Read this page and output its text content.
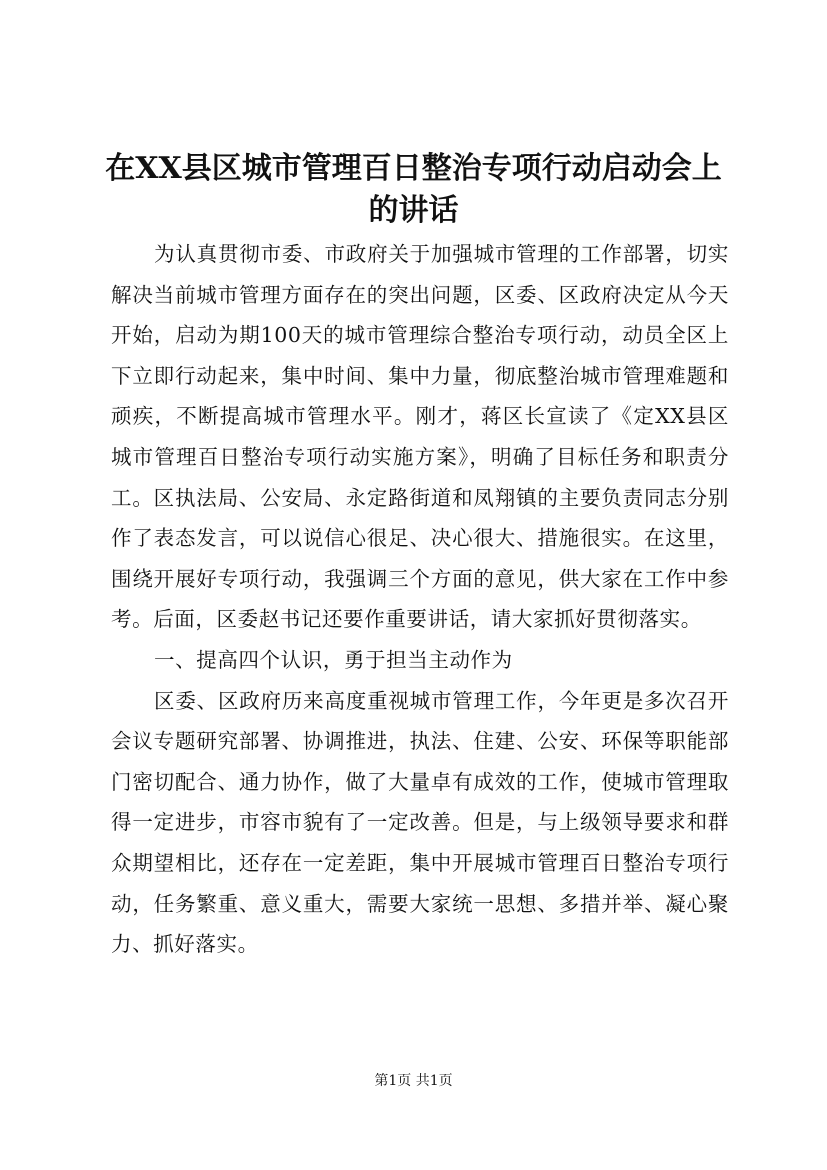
在XX县区城市管理百日整治专项行动启动会上的讲话

为认真贯彻市委、市政府关于加强城市管理的工作部署，切实解决当前城市管理方面存在的突出问题，区委、区政府决定从今天开始，启动为期100天的城市管理综合整治专项行动，动员全区上下立即行动起来，集中时间、集中力量，彻底整治城市管理难题和顽疾，不断提高城市管理水平。刚才，蒋区长宣读了《定XX县区城市管理百日整治专项行动实施方案》，明确了目标任务和职责分工。区执法局、公安局、永定路街道和凤翔镇的主要负责同志分别作了表态发言，可以说信心很足、决心很大、措施很实。在这里，围绕开展好专项行动，我强调三个方面的意见，供大家在工作中参考。后面，区委赵书记还要作重要讲话，请大家抓好贯彻落实。

一、提高四个认识，勇于担当主动作为

区委、区政府历来高度重视城市管理工作，今年更是多次召开会议专题研究部署、协调推进，执法、住建、公安、环保等职能部门密切配合、通力协作，做了大量卓有成效的工作，使城市管理取得一定进步，市容市貌有了一定改善。但是，与上级领导要求和群众期望相比，还存在一定差距，集中开展城市管理百日整治专项行动，任务繁重、意义重大，需要大家统一思想、多措并举、凝心聚力、抓好落实。

第1页 共1页
